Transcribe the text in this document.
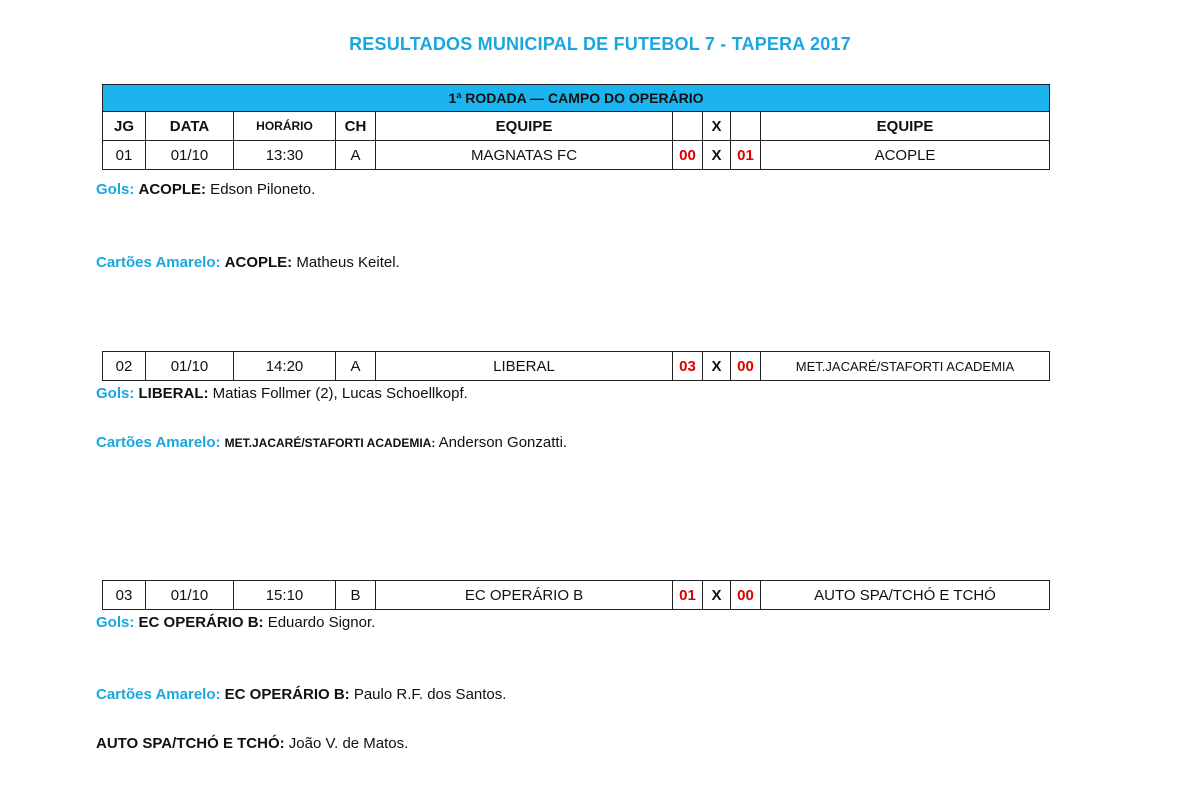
RESULTADOS MUNICIPAL DE FUTEBOL 7 - TAPERA 2017
1ª RODADA — CAMPO DO OPERÁRIO								
JG	DATA	HORÁRIO	CH	EQUIPE		X		EQUIPE
01	01/10	13:30	A	MAGNATAS FC	00	X	01	ACOPLE
Gols: ACOPLE: Edson Piloneto.
Cartões Amarelo: ACOPLE: Matheus Keitel.
02	01/10	14:20	A	LIBERAL	03	X	00	MET.JACARÉ/STAFORTI ACADEMIA
Gols: LIBERAL: Matias Follmer (2), Lucas Schoellkopf.
Cartões Amarelo: MET.JACARÉ/STAFORTI ACADEMIA: Anderson Gonzatti.
03	01/10	15:10	B	EC OPERÁRIO B	01	X	00	AUTO SPA/TCHÓ E TCHÓ
Gols: EC OPERÁRIO B: Eduardo Signor.
Cartões Amarelo: EC OPERÁRIO B: Paulo R.F. dos Santos.
AUTO SPA/TCHÓ E TCHÓ: João V. de Matos.
